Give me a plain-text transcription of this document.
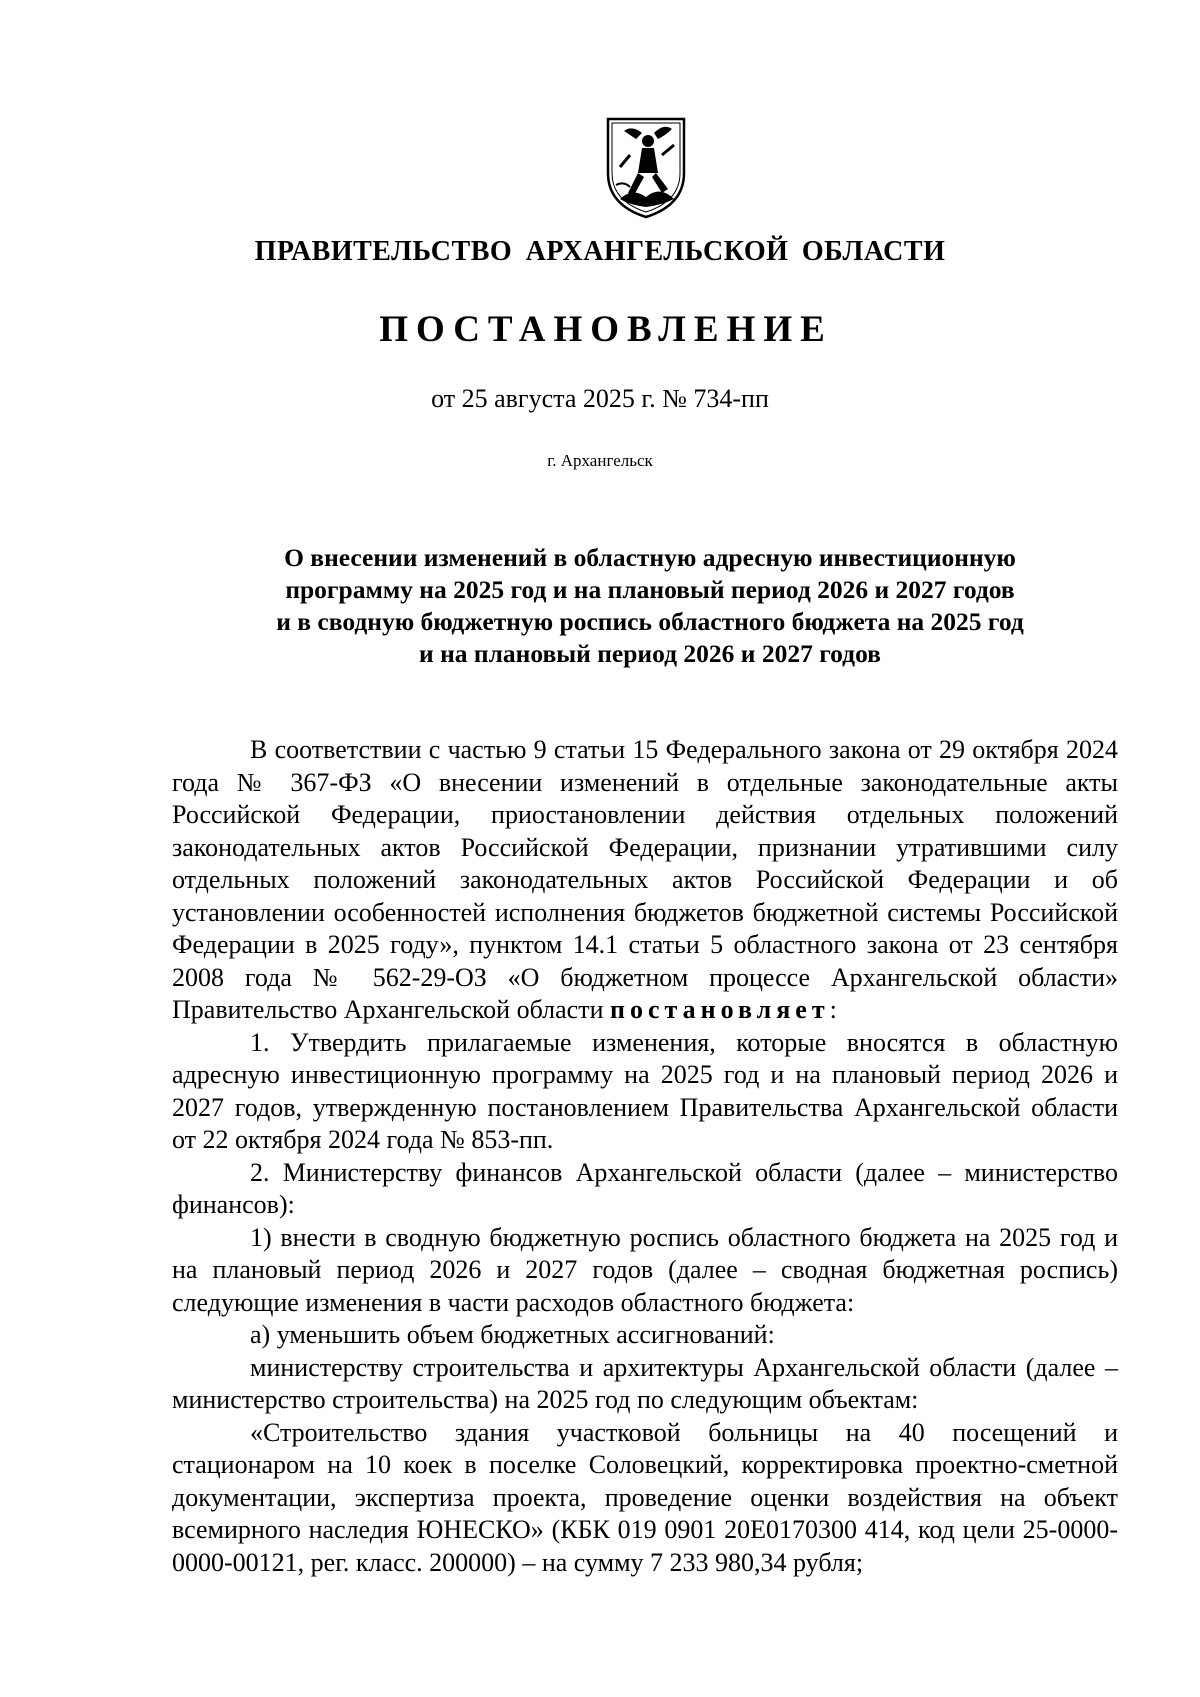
ПРАВИТЕЛЬСТВО АРХАНГЕЛЬСКОЙ ОБЛАСТИ
ПОСТАНОВЛЕНИЕ
от 25 августа 2025 г. № 734-пп
г. Архангельск
О внесении изменений в областную адресную инвестиционную
программу на 2025 год и на плановый период 2026 и 2027 годов
и в сводную бюджетную роспись областного бюджета на 2025 год
и на плановый период 2026 и 2027 годов

В соответствии с частью 9 статьи 15 Федерального закона от 29 октября 2024 года № 367-ФЗ «О внесении изменений в отдельные законодательные акты Российской Федерации, приостановлении действия отдельных положений законодательных актов Российской Федерации, признании утратившими силу отдельных положений законодательных актов Российской Федерации и об установлении особенностей исполнения бюджетов бюджетной системы Российской Федерации в 2025 году», пунктом 14.1 статьи 5 областного закона от 23 сентября 2008 года № 562-29-ОЗ «О бюджетном процессе Архангельской области» Правительство Архангельской области постановляет:

1. Утвердить прилагаемые изменения, которые вносятся в областную адресную инвестиционную программу на 2025 год и на плановый период 2026 и 2027 годов, утвержденную постановлением Правительства Архангельской области от 22 октября 2024 года № 853-пп.

2. Министерству финансов Архангельской области (далее – министерство финансов):

1) внести в сводную бюджетную роспись областного бюджета на 2025 год и на плановый период 2026 и 2027 годов (далее – сводная бюджетная роспись) следующие изменения в части расходов областного бюджета:

а) уменьшить объем бюджетных ассигнований:

министерству строительства и архитектуры Архангельской области (далее – министерство строительства) на 2025 год по следующим объектам:

«Строительство здания участковой больницы на 40 посещений и стационаром на 10 коек в поселке Соловецкий, корректировка проектно-сметной документации, экспертиза проекта, проведение оценки воздействия на объект всемирного наследия ЮНЕСКО» (КБК 019 0901 20Е0170300 414, код цели 25-0000-0000-00121, рег. класс. 200000) – на сумму 7 233 980,34 рубля;
